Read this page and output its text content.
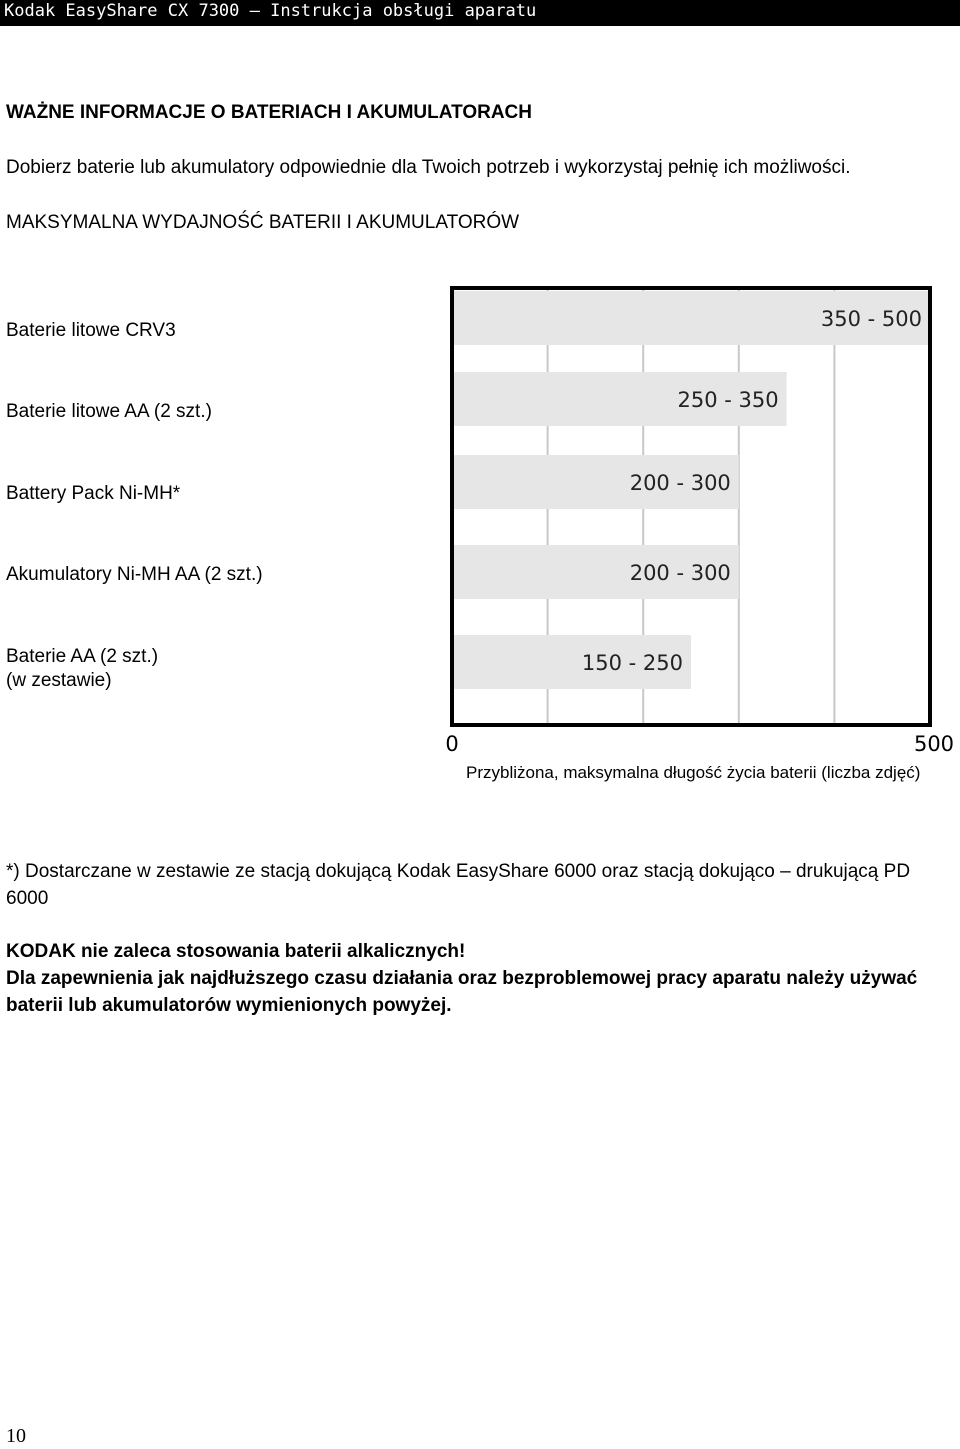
Kodak EasyShare CX 7300 – Instrukcja obsługi aparatu
WAŻNE INFORMACJE O BATERIACH I AKUMULATORACH
Dobierz baterie lub akumulatory odpowiednie dla Twoich potrzeb i wykorzystaj pełnię ich możliwości.
MAKSYMALNA WYDAJNOŚĆ BATERII I AKUMULATORÓW
Baterie litowe CRV3
Baterie litowe AA (2 szt.)
Battery Pack Ni-MH*
Akumulatory Ni-MH AA (2 szt.)
Baterie AA (2 szt.)
(w zestawie)
350 - 500
250 - 350
200 - 300
200 - 300
150 - 250
0	500
Przybliżona, maksymalna długość życia baterii (liczba zdjęć)
*) Dostarczane w zestawie ze stacją dokującą Kodak EasyShare 6000 oraz stacją dokująco – drukującą PD 6000
KODAK nie zaleca stosowania baterii alkalicznych!
Dla zapewnienia jak najdłuższego czasu działania oraz bezproblemowej pracy aparatu należy używać baterii lub akumulatorów wymienionych powyżej.
10
